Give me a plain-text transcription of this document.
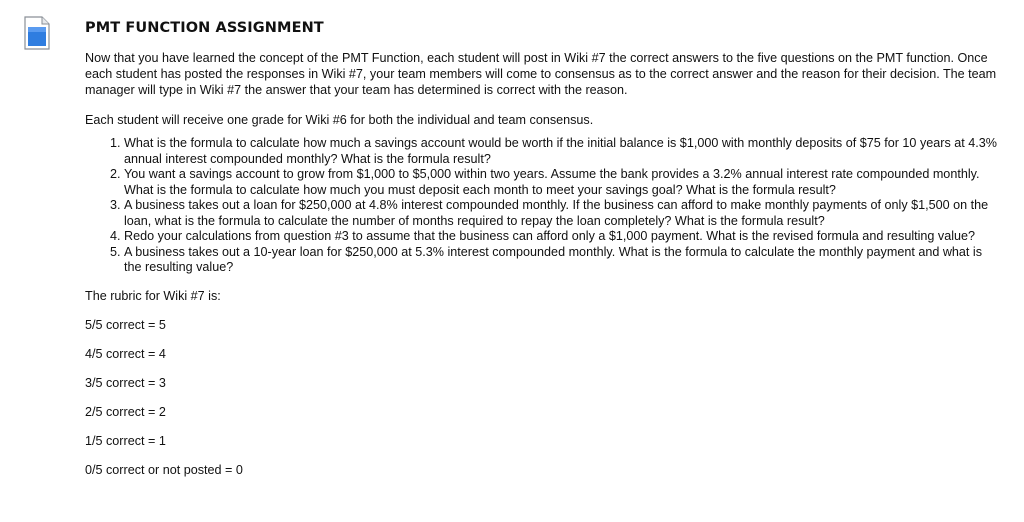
PMT FUNCTION ASSIGNMENT

Now that you have learned the concept of the PMT Function, each student will post in Wiki #7 the correct answers to the five questions on the PMT function. Once each student has posted the responses in Wiki #7, your team members will come to consensus as to the correct answer and the reason for their decision. The team manager will type in Wiki #7 the answer that your team has determined is correct with the reason.

Each student will receive one grade for Wiki #6 for both the individual and team consensus.

1. What is the formula to calculate how much a savings account would be worth if the initial balance is $1,000 with monthly deposits of $75 for 10 years at 4.3% annual interest compounded monthly? What is the formula result?
2. You want a savings account to grow from $1,000 to $5,000 within two years. Assume the bank provides a 3.2% annual interest rate compounded monthly. What is the formula to calculate how much you must deposit each month to meet your savings goal? What is the formula result?
3. A business takes out a loan for $250,000 at 4.8% interest compounded monthly. If the business can afford to make monthly payments of only $1,500 on the loan, what is the formula to calculate the number of months required to repay the loan completely? What is the formula result?
4. Redo your calculations from question #3 to assume that the business can afford only a $1,000 payment. What is the revised formula and resulting value?
5. A business takes out a 10-year loan for $250,000 at 5.3% interest compounded monthly. What is the formula to calculate the monthly payment and what is the resulting value?

The rubric for Wiki #7 is:

5/5 correct = 5

4/5 correct = 4

3/5 correct = 3

2/5 correct = 2

1/5 correct = 1

0/5 correct or not posted = 0
